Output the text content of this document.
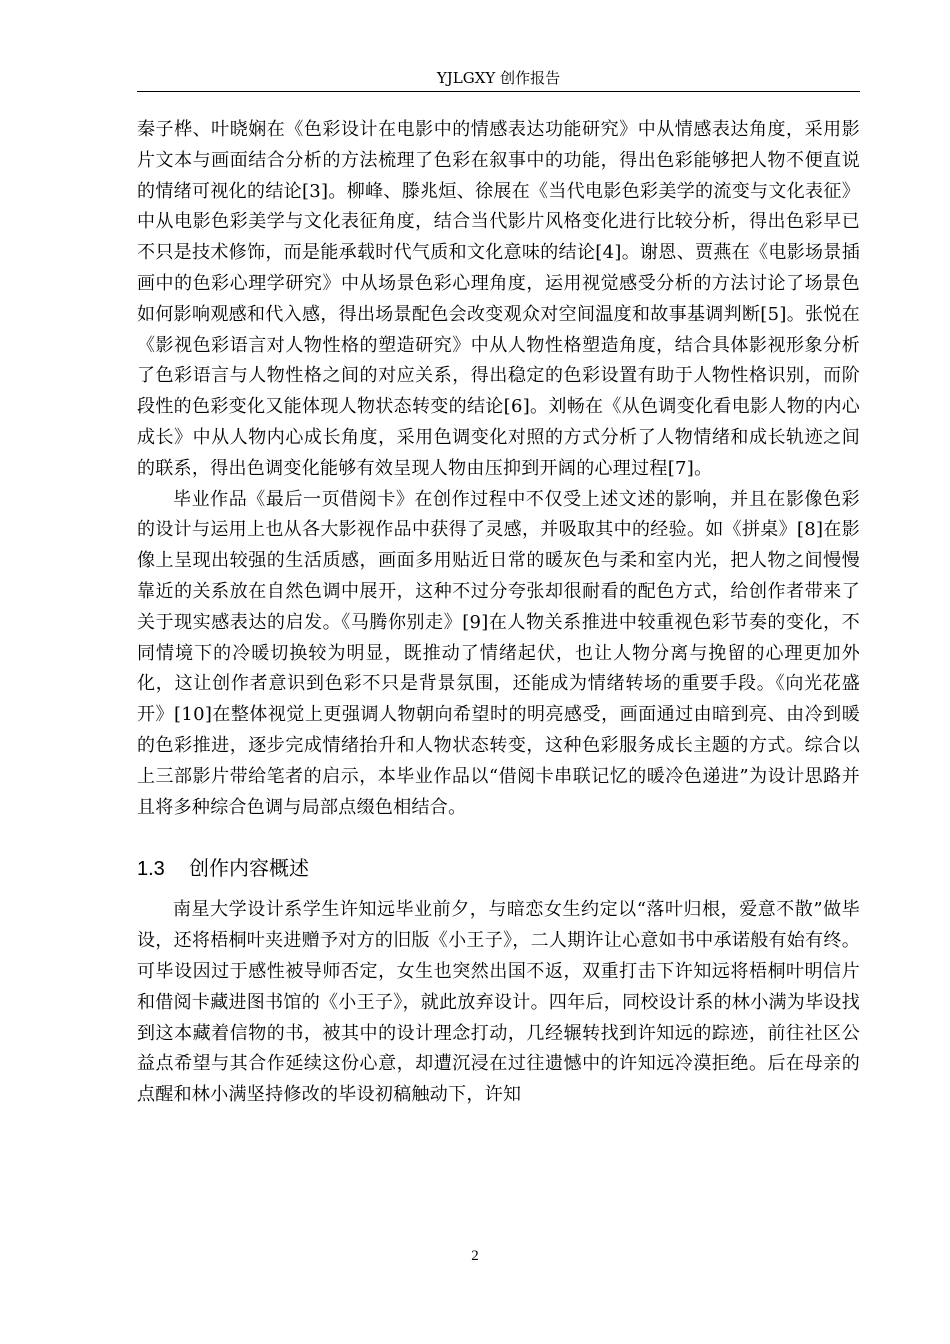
YJLGXY 创作报告

秦子桦、叶晓娴在《色彩设计在电影中的情感表达功能研究》中从情感表达角度，采用影片文本与画面结合分析的方法梳理了色彩在叙事中的功能，得出色彩能够把人物不便直说的情绪可视化的结论[3]。柳峰、滕兆烜、徐展在《当代电影色彩美学的流变与文化表征》中从电影色彩美学与文化表征角度，结合当代影片风格变化进行比较分析，得出色彩早已不只是技术修饰，而是能承载时代气质和文化意味的结论[4]。谢恩、贾燕在《电影场景插画中的色彩心理学研究》中从场景色彩心理角度，运用视觉感受分析的方法讨论了场景色如何影响观感和代入感，得出场景配色会改变观众对空间温度和故事基调判断[5]。张悦在《影视色彩语言对人物性格的塑造研究》中从人物性格塑造角度，结合具体影视形象分析了色彩语言与人物性格之间的对应关系，得出稳定的色彩设置有助于人物性格识别，而阶段性的色彩变化又能体现人物状态转变的结论[6]。刘畅在《从色调变化看电影人物的内心成长》中从人物内心成长角度，采用色调变化对照的方式分析了人物情绪和成长轨迹之间的联系，得出色调变化能够有效呈现人物由压抑到开阔的心理过程[7]。

毕业作品《最后一页借阅卡》在创作过程中不仅受上述文述的影响，并且在影像色彩的设计与运用上也从各大影视作品中获得了灵感，并吸取其中的经验。如《拼桌》[8]在影像上呈现出较强的生活质感，画面多用贴近日常的暖灰色与柔和室内光，把人物之间慢慢靠近的关系放在自然色调中展开，这种不过分夸张却很耐看的配色方式，给创作者带来了关于现实感表达的启发。《马腾你别走》[9]在人物关系推进中较重视色彩节奏的变化，不同情境下的冷暖切换较为明显，既推动了情绪起伏，也让人物分离与挽留的心理更加外化，这让创作者意识到色彩不只是背景氛围，还能成为情绪转场的重要手段。《向光花盛开》[10]在整体视觉上更强调人物朝向希望时的明亮感受，画面通过由暗到亮、由冷到暖的色彩推进，逐步完成情绪抬升和人物状态转变，这种色彩服务成长主题的方式。综合以上三部影片带给笔者的启示，本毕业作品以“借阅卡串联记忆的暖冷色递进”为设计思路并且将多种综合色调与局部点缀色相结合。

1.3	创作内容概述

南星大学设计系学生许知远毕业前夕，与暗恋女生约定以“落叶归根，爱意不散”做毕设，还将梧桐叶夹进赠予对方的旧版《小王子》，二人期许让心意如书中承诺般有始有终。可毕设因过于感性被导师否定，女生也突然出国不返，双重打击下许知远将梧桐叶明信片和借阅卡藏进图书馆的《小王子》，就此放弃设计。四年后，同校设计系的林小满为毕设找到这本藏着信物的书，被其中的设计理念打动，几经辗转找到许知远的踪迹，前往社区公益点希望与其合作延续这份心意，却遭沉浸在过往遗憾中的许知远冷漠拒绝。后在母亲的点醒和林小满坚持修改的毕设初稿触动下，许知

2
